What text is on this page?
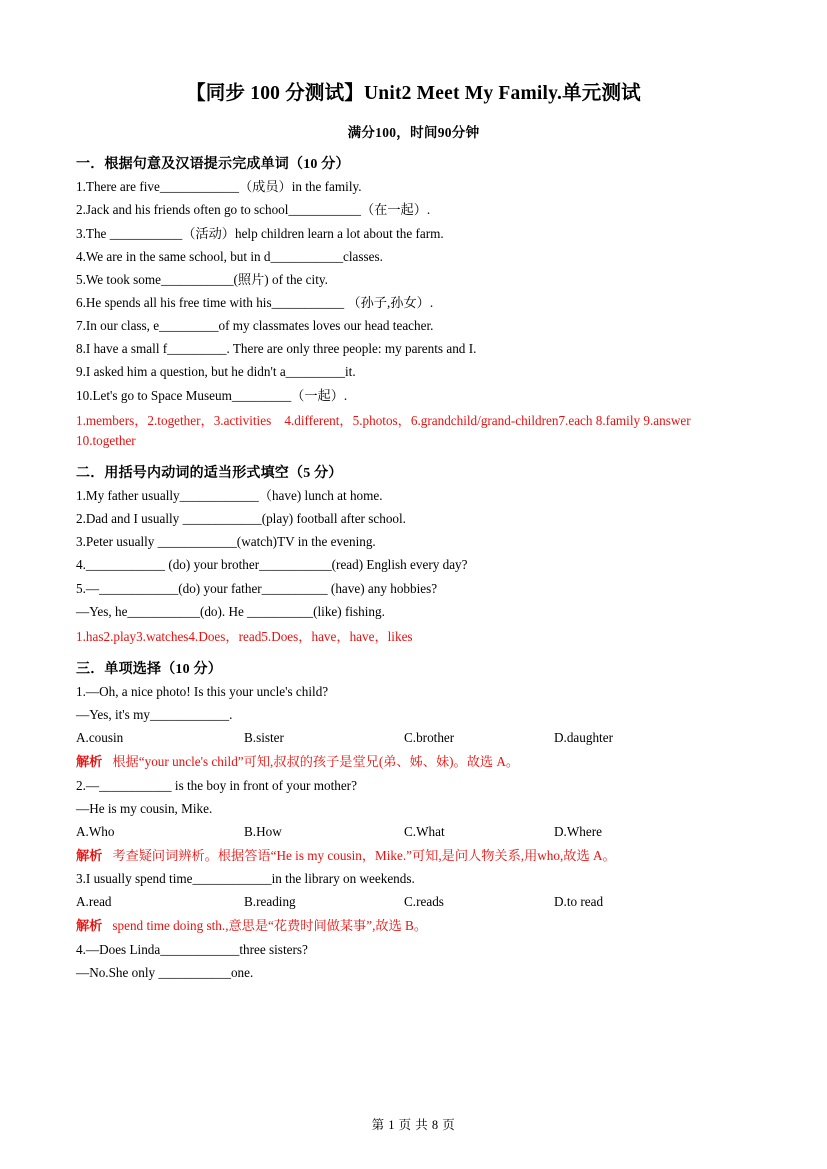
【同步 100 分测试】Unit2 Meet My Family.单元测试
满分100，时间90分钟
一．根据句意及汉语提示完成单词（10 分）
1.There are five____________（成员）in the family.
2.Jack and his friends often go to school___________（在一起）.
3.The ___________（活动）help children learn a lot about the farm.
4.We are in the same school, but in d___________classes.
5.We took some___________(照片) of the city.
6.He spends all his free time with his___________ （孙子,孙女）.
7.In our class, e_________of my classmates loves our head teacher.
8.I have a small f_________. There are only three people: my parents and I.
9.I asked him a question, but he didn't a_________it.
10.Let's go to Space Museum_________（一起）.
1.members，2.together，3.activities　4.different，5.photos，6.grandchild/grand-children7.each 8.family 9.answer
10.together
二．用括号内动词的适当形式填空（5 分）
1.My father usually____________（have) lunch at home.
2.Dad and I usually ____________(play) football after school.
3.Peter usually ____________(watch)TV in the evening.
4.____________ (do) your brother___________(read) English every day?
5.—____________(do) your father__________ (have) any hobbies?
—Yes, he___________(do). He __________(like) fishing.
1.has2.play3.watches4.Does，read5.Does，have，have，likes
三．单项选择（10 分）
1.—Oh, a nice photo! Is this your uncle's child?
—Yes, it's my____________.
A.cousin	B.sister	C.brother	D.daughter
解析 根据“your uncle's child”可知,叔叔的孩子是堂兄(弟、姊、妹)。故选 A。
2.—___________ is the boy in front of your mother?
—He is my cousin, Mike.
A.Who	B.How	C.What	D.Where
解析 考查疑问词辨析。根据答语“He is my cousin，Mike.”可知,是问人物关系,用who,故选 A。
3.I usually spend time____________in the library on weekends.
A.read	B.reading	C.reads	D.to read
解析 spend time doing sth.,意思是“花费时间做某事”,故选 B。
4.—Does Linda____________three sisters?
—No.She only ___________one.
第 1 页 共 8 页
